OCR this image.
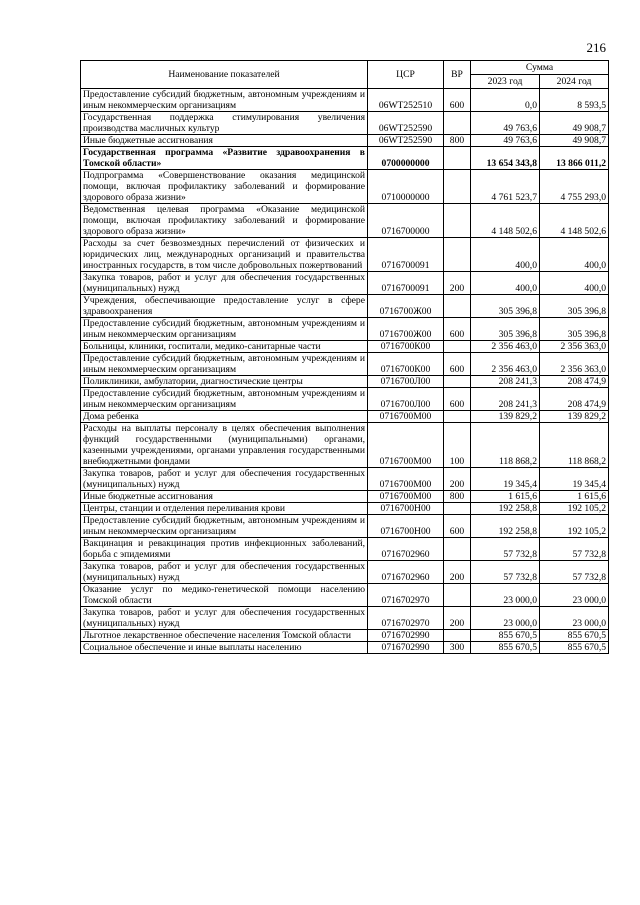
216
Наименование показателей	ЦСР	ВР	Сумма	
			2023 год	2024 год
Предоставление субсидий бюджетным, автономным учреждениям и иным некоммерческим организациям	06WT252510	600	0,0	8 593,5
Государственная поддержка стимулирования увеличения производства масличных культур	06WT252590		49 763,6	49 908,7
Иные бюджетные ассигнования	06WT252590	800	49 763,6	49 908,7
Государственная программа «Развитие здравоохранения в Томской области»	0700000000		13 654 343,8	13 866 011,2
Подпрограмма «Совершенствование оказания медицинской помощи, включая профилактику заболеваний и формирование здорового образа жизни»	0710000000		4 761 523,7	4 755 293,0
Ведомственная целевая программа «Оказание медицинской помощи, включая профилактику заболеваний и формирование здорового образа жизни»	0716700000		4 148 502,6	4 148 502,6
Расходы за счет безвозмездных перечислений от физических и юридических лиц, международных организаций и правительства иностранных государств, в том числе добровольных пожертвований	0716700091		400,0	400,0
Закупка товаров, работ и услуг для обеспечения государственных (муниципальных) нужд	0716700091	200	400,0	400,0
Учреждения, обеспечивающие предоставление услуг в сфере здравоохранения	0716700Ж00		305 396,8	305 396,8
Предоставление субсидий бюджетным, автономным учреждениям и иным некоммерческим организациям	0716700Ж00	600	305 396,8	305 396,8
Больницы, клиники, госпитали, медико-санитарные части	0716700К00		2 356 463,0	2 356 363,0
Предоставление субсидий бюджетным, автономным учреждениям и иным некоммерческим организациям	0716700К00	600	2 356 463,0	2 356 363,0
Поликлиники, амбулатории, диагностические центры	0716700Л00		208 241,3	208 474,9
Предоставление субсидий бюджетным, автономным учреждениям и иным некоммерческим организациям	0716700Л00	600	208 241,3	208 474,9
Дома ребенка	0716700М00		139 829,2	139 829,2
Расходы на выплаты персоналу в целях обеспечения выполнения функций государственными (муниципальными) органами, казенными учреждениями, органами управления государственными внебюджетными фондами	0716700М00	100	118 868,2	118 868,2
Закупка товаров, работ и услуг для обеспечения государственных (муниципальных) нужд	0716700М00	200	19 345,4	19 345,4
Иные бюджетные ассигнования	0716700М00	800	1 615,6	1 615,6
Центры, станции и отделения переливания крови	0716700Н00		192 258,8	192 105,2
Предоставление субсидий бюджетным, автономным учреждениям и иным некоммерческим организациям	0716700Н00	600	192 258,8	192 105,2
Вакцинация и ревакцинация против инфекционных заболеваний, борьба с эпидемиями	0716702960		57 732,8	57 732,8
Закупка товаров, работ и услуг для обеспечения государственных (муниципальных) нужд	0716702960	200	57 732,8	57 732,8
Оказание услуг по медико-генетической помощи населению Томской области	0716702970		23 000,0	23 000,0
Закупка товаров, работ и услуг для обеспечения государственных (муниципальных) нужд	0716702970	200	23 000,0	23 000,0
Льготное лекарственное обеспечение населения Томской области	0716702990		855 670,5	855 670,5
Социальное обеспечение и иные выплаты населению	0716702990	300	855 670,5	855 670,5
